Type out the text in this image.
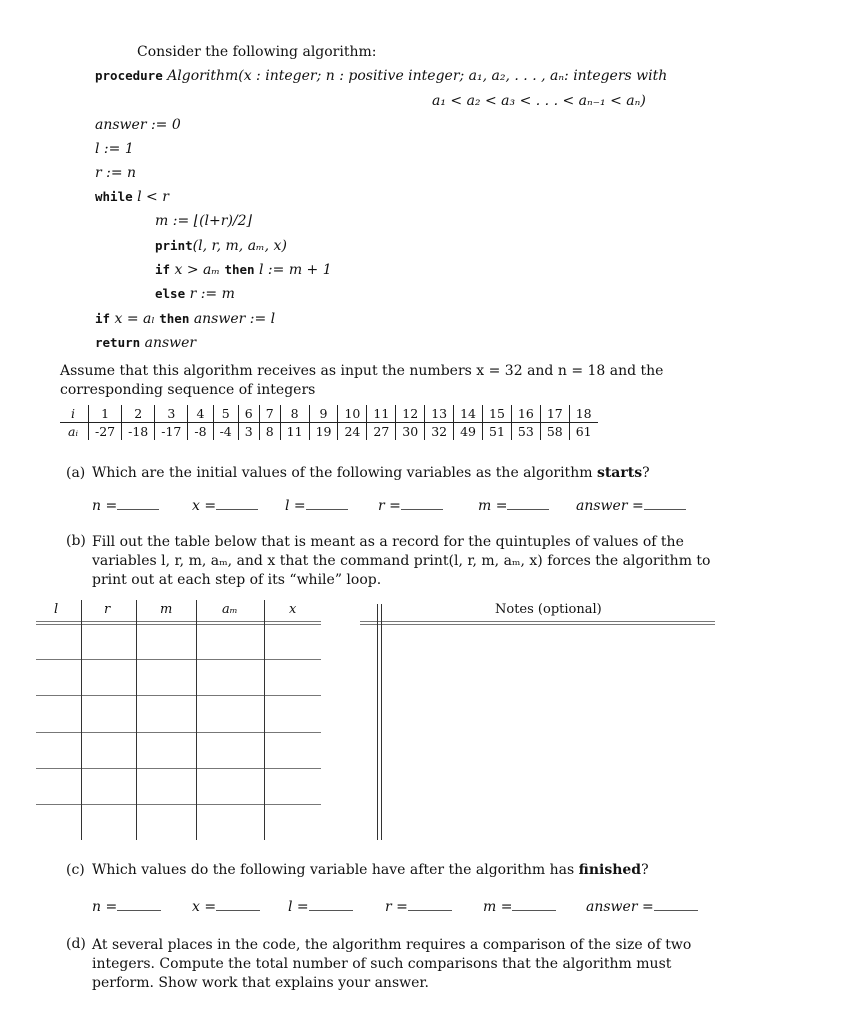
Consider the following algorithm:
procedure Algorithm(x : integer; n : positive integer; a₁, a₂, . . . , aₙ: integers with
a₁ < a₂ < a₃ < . . . < aₙ₋₁ < aₙ)
answer := 0
l := 1
r := n
while l < r
m := ⌊(l+r)/2⌋
print(l, r, m, aₘ, x)
if x > aₘ then l := m + 1
else r := m
if x = aₗ then answer := l
return answer
Assume that this algorithm receives as input the numbers x = 32 and n = 18 and the corresponding sequence of integers
i	1	2	3	4	5	6	7	8	9	10	11	12	13	14	15	16	17	18
aᵢ	-27	-18	-17	-8	-4	3	8	11	19	24	27	30	32	49	51	53	58	61
(a) Which are the initial values of the following variables as the algorithm starts?
n =	x =	l =	r =	m =	answer =
(b) Fill out the table below that is meant as a record for the quintuples of values of the variables l, r, m, aₘ, and x that the command print(l, r, m, aₘ, x) forces the algorithm to print out at each step of its “while” loop.
l	r	m	aₘ	x	Notes (optional)
(c) Which values do the following variable have after the algorithm has finished?
n =	x =	l =	r =	m =	answer =
(d) At several places in the code, the algorithm requires a comparison of the size of two integers. Compute the total number of such comparisons that the algorithm must perform. Show work that explains your answer.
